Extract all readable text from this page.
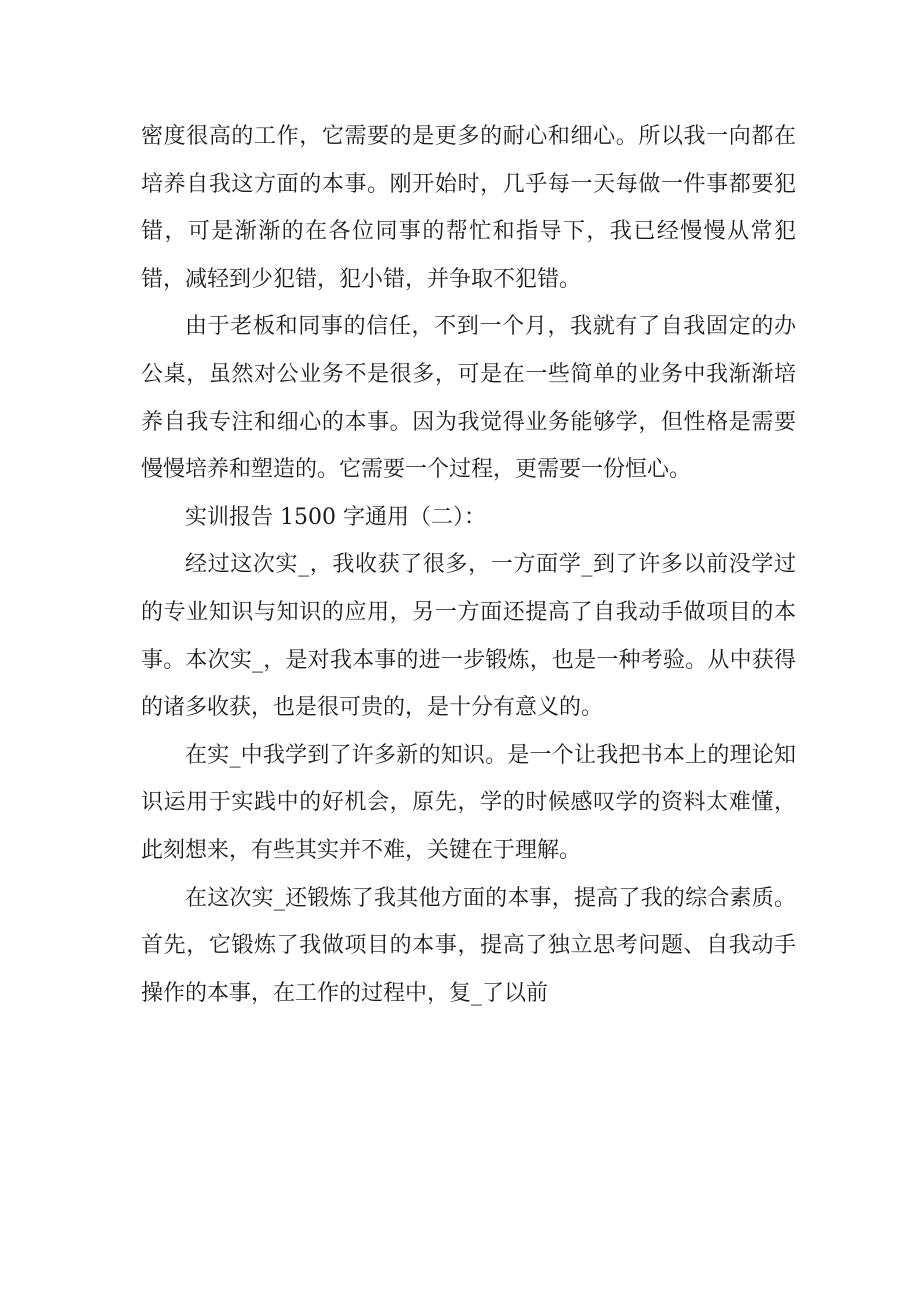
密度很高的工作，它需要的是更多的耐心和细心。所以我一向都在培养自我这方面的本事。刚开始时，几乎每一天每做一件事都要犯错，可是渐渐的在各位同事的帮忙和指导下，我已经慢慢从常犯错，减轻到少犯错，犯小错，并争取不犯错。

由于老板和同事的信任，不到一个月，我就有了自我固定的办公桌，虽然对公业务不是很多，可是在一些简单的业务中我渐渐培养自我专注和细心的本事。因为我觉得业务能够学，但性格是需要慢慢培养和塑造的。它需要一个过程，更需要一份恒心。

实训报告 1500 字通用（二）：

经过这次实_，我收获了很多，一方面学_到了许多以前没学过的专业知识与知识的应用，另一方面还提高了自我动手做项目的本事。本次实_，是对我本事的进一步锻炼，也是一种考验。从中获得的诸多收获，也是很可贵的，是十分有意义的。

在实_中我学到了许多新的知识。是一个让我把书本上的理论知识运用于实践中的好机会，原先，学的时候感叹学的资料太难懂，此刻想来，有些其实并不难，关键在于理解。

在这次实_还锻炼了我其他方面的本事，提高了我的综合素质。首先，它锻炼了我做项目的本事，提高了独立思考问题、自我动手操作的本事，在工作的过程中，复_了以前
